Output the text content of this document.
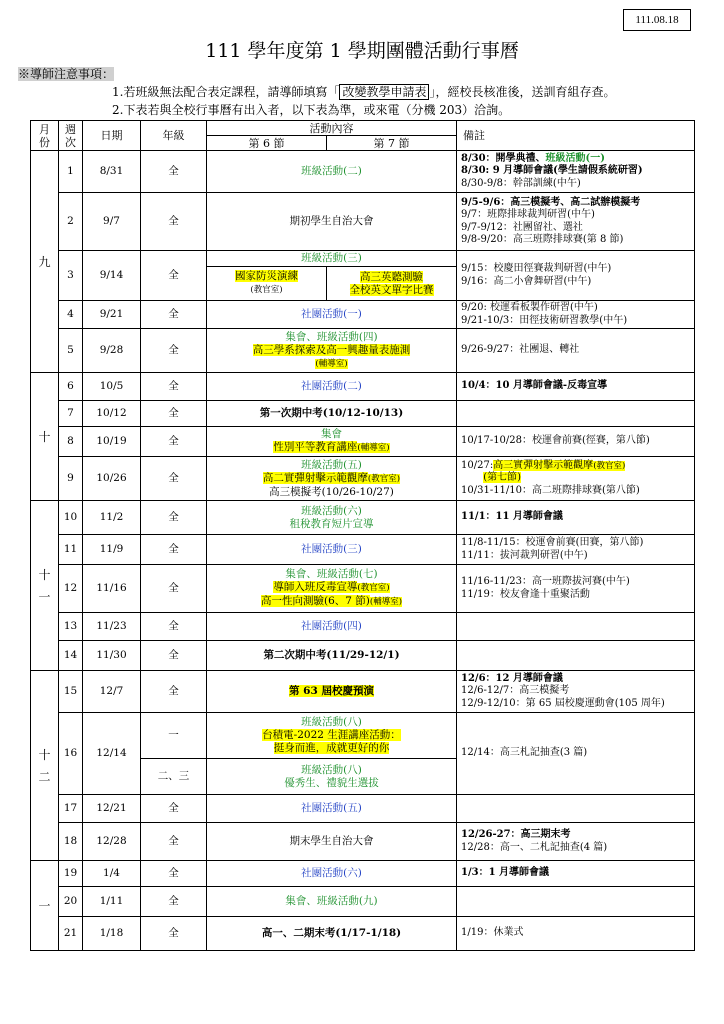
111.08.18
111 學年度第 1 學期團體活動行事曆
※導師注意事項：
1.若班級無法配合表定課程，請導師填寫「 改變教學申請表 」，經校長核准後，送訓育組存查。
2.下表若與全校行事曆有出入者，以下表為準，或來電（分機 203）洽詢。
月
份	週
次	日期	年級	活動內容		備註
				第 6 節	第 7 節	
九	1	8/31	全	班級活動(二)		8/30：開學典禮、班級活動(一)
8/30: 9 月導師會議(學生請假系統研習)
8/30-9/8：幹部訓練(中午)
	2	9/7	全	期初學生自治大會		9/5-9/6：高三模擬考、高二試辦模擬考
9/7：班際排球裁判研習(中午)
9/7-9/12：社團留社、選社
9/8-9/20：高三班際排球賽(第 8 節)
	3	9/14	全	班級活動(三)		9/15：校慶田徑賽裁判研習(中午)
9/16：高二小會舞研習(中午)
				國家防災演練
(教官室)	高三英聽測驗
全校英文單字比賽	
	4	9/21	全	社團活動(一)		9/20: 校運看板製作研習(中午)
9/21-10/3：田徑技術研習教學(中午)
	5	9/28	全	集會、班級活動(四)
高三學系探索及高一興趣量表施測
(輔導室)		9/26-9/27：社團退、轉社
十	6	10/5	全	社團活動(二)		10/4：10 月導師會議-反毒宣導
	7	10/12	全	第一次期中考(10/12-10/13)		
	8	10/19	全	集會
性別平等教育講座(輔導室)		10/17-10/28：校運會前賽(徑賽，第八節)
	9	10/26	全	班級活動(五)
高二實彈射擊示範觀摩(教官室)
高三模擬考(10/26-10/27)		10/27:高三實彈射擊示範觀摩(教官室)
(第七節)
10/31-11/10：高二班際排球賽(第八節)
十
一	10	11/2	全	班級活動(六)
租稅教育短片宣導		11/1：11 月導師會議
	11	11/9	全	社團活動(三)		11/8-11/15：校運會前賽(田賽，第八節)
11/11：拔河裁判研習(中午)
	12	11/16	全	集會、班級活動(七)
導師入班反毒宣導(教官室)
高一性向測驗(6、7 節)(輔導室)		11/16-11/23：高一班際拔河賽(中午)
11/19：校友會逢十重聚活動
	13	11/23	全	社團活動(四)		
	14	11/30	全	第二次期中考(11/29-12/1)		
十
二	15	12/7	全	第 63 屆校慶預演		12/6：12 月導師會議
12/6-12/7：高三模擬考
12/9-12/10：第 65 屆校慶運動會(105 周年)
	16	12/14	一	班級活動(八)
台積電-2022 生涯講座活動：
挺身而進，成就更好的你		12/14：高三札記抽查(3 篇)
			二、三	班級活動(八)
優秀生、禮貌生選拔		
	17	12/21	全	社團活動(五)		
	18	12/28	全	期末學生自治大會		12/26-27：高三期末考
12/28：高一、二札記抽查(4 篇)
一	19	1/4	全	社團活動(六)		1/3：1 月導師會議
	20	1/11	全	集會、班級活動(九)		
	21	1/18	全	高一、二期末考(1/17-1/18)		1/19：休業式
